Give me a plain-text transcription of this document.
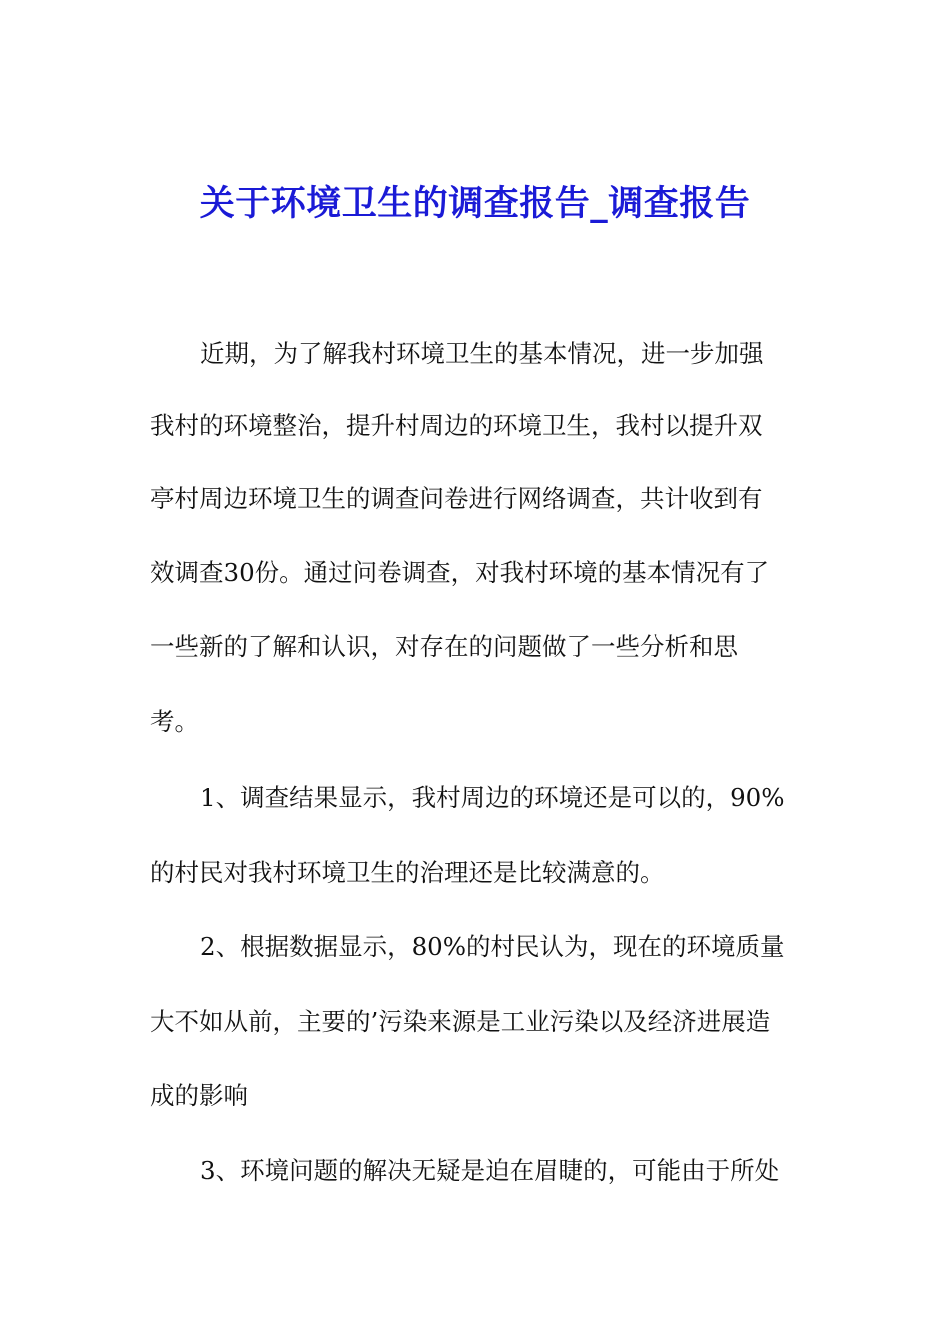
关于环境卫生的调查报告_调查报告
近期，为了解我村环境卫生的基本情况，进一步加强
我村的环境整治，提升村周边的环境卫生，我村以提升双
亭村周边环境卫生的调查问卷进行网络调查，共计收到有
效调查30份。通过问卷调查，对我村环境的基本情况有了
一些新的了解和认识，对存在的问题做了一些分析和思
考。
1、调查结果显示，我村周边的环境还是可以的，90%
的村民对我村环境卫生的治理还是比较满意的。
2、根据数据显示，80%的村民认为，现在的环境质量
大不如从前，主要的’污染来源是工业污染以及经济进展造
成的影响
3、环境问题的解决无疑是迫在眉睫的，可能由于所处
